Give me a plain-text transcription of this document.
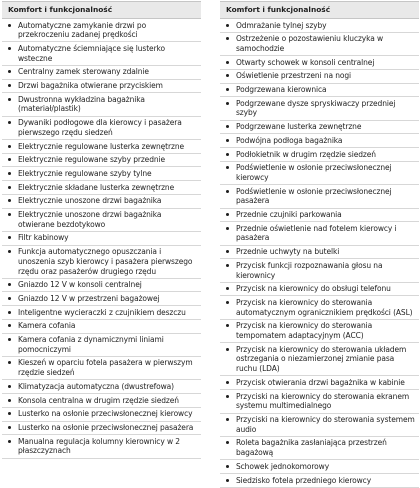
Komfort i funkcjonalność
Automatyczne zamykanie drzwi po przekroczeniu zadanej prędkości
Automatyczne ściemniające się lusterko wsteczne
Centralny zamek sterowany zdalnie
Drzwi bagażnika otwierane przyciskiem
Dwustronna wykładzina bagażnika (materiał/plastik)
Dywaniki podłogowe dla kierowcy i pasażera pierwszego rzędu siedzeń
Elektrycznie regulowane lusterka zewnętrzne
Elektrycznie regulowane szyby przednie
Elektrycznie regulowane szyby tylne
Elektrycznie składane lusterka zewnętrzne
Elektrycznie unoszone drzwi bagażnika
Elektrycznie unoszone drzwi bagażnika otwierane bezdotykowo
Filtr kabinowy
Funkcja automatycznego opuszczania i unoszenia szyb kierowcy i pasażera pierwszego rzędu oraz pasażerów drugiego rzędu
Gniazdo 12 V w konsoli centralnej
Gniazdo 12 V w przestrzeni bagażowej
Inteligentne wycieraczki z czujnikiem deszczu
Kamera cofania
Kamera cofania z dynamicznymi liniami pomocniczymi
Kieszeń w oparciu fotela pasażera w pierwszym rzędzie siedzeń
Klimatyzacja automatyczna (dwustrefowa)
Konsola centralna w drugim rzędzie siedzeń
Lusterko na osłonie przeciwsłonecznej kierowcy
Lusterko na osłonie przeciwsłonecznej pasażera
Manualna regulacja kolumny kierownicy w 2 płaszczyznach
Komfort i funkcjonalność
Odmrażanie tylnej szyby
Ostrzeżenie o pozostawieniu kluczyka w samochodzie
Otwarty schowek w konsoli centralnej
Oświetlenie przestrzeni na nogi
Podgrzewana kierownica
Podgrzewane dysze spryskiwaczy przedniej szyby
Podgrzewane lusterka zewnętrzne
Podwójna podłoga bagażnika
Podłokietnik w drugim rzędzie siedzeń
Podświetlenie w osłonie przeciwsłonecznej kierowcy
Podświetlenie w osłonie przeciwsłonecznej pasażera
Przednie czujniki parkowania
Przednie oświetlenie nad fotelem kierowcy i pasażera
Przednie uchwyty na butelki
Przycisk funkcji rozpoznawania głosu na kierownicy
Przycisk na kierownicy do obsługi telefonu
Przycisk na kierownicy do sterowania automatycznym ogranicznikiem prędkości (ASL)
Przycisk na kierownicy do sterowania tempomatem adaptacyjnym (ACC)
Przycisk na kierownicy do sterowania układem ostrzegania o niezamierzonej zmianie pasa ruchu (LDA)
Przycisk otwierania drzwi bagażnika w kabinie
Przyciski na kierownicy do sterowania ekranem systemu multimedialnego
Przyciski na kierownicy do sterowania systemem audio
Roleta bagażnika zasłaniająca przestrzeń bagażową
Schowek jednokomorowy
Siedzisko fotela przedniego kierowcy
